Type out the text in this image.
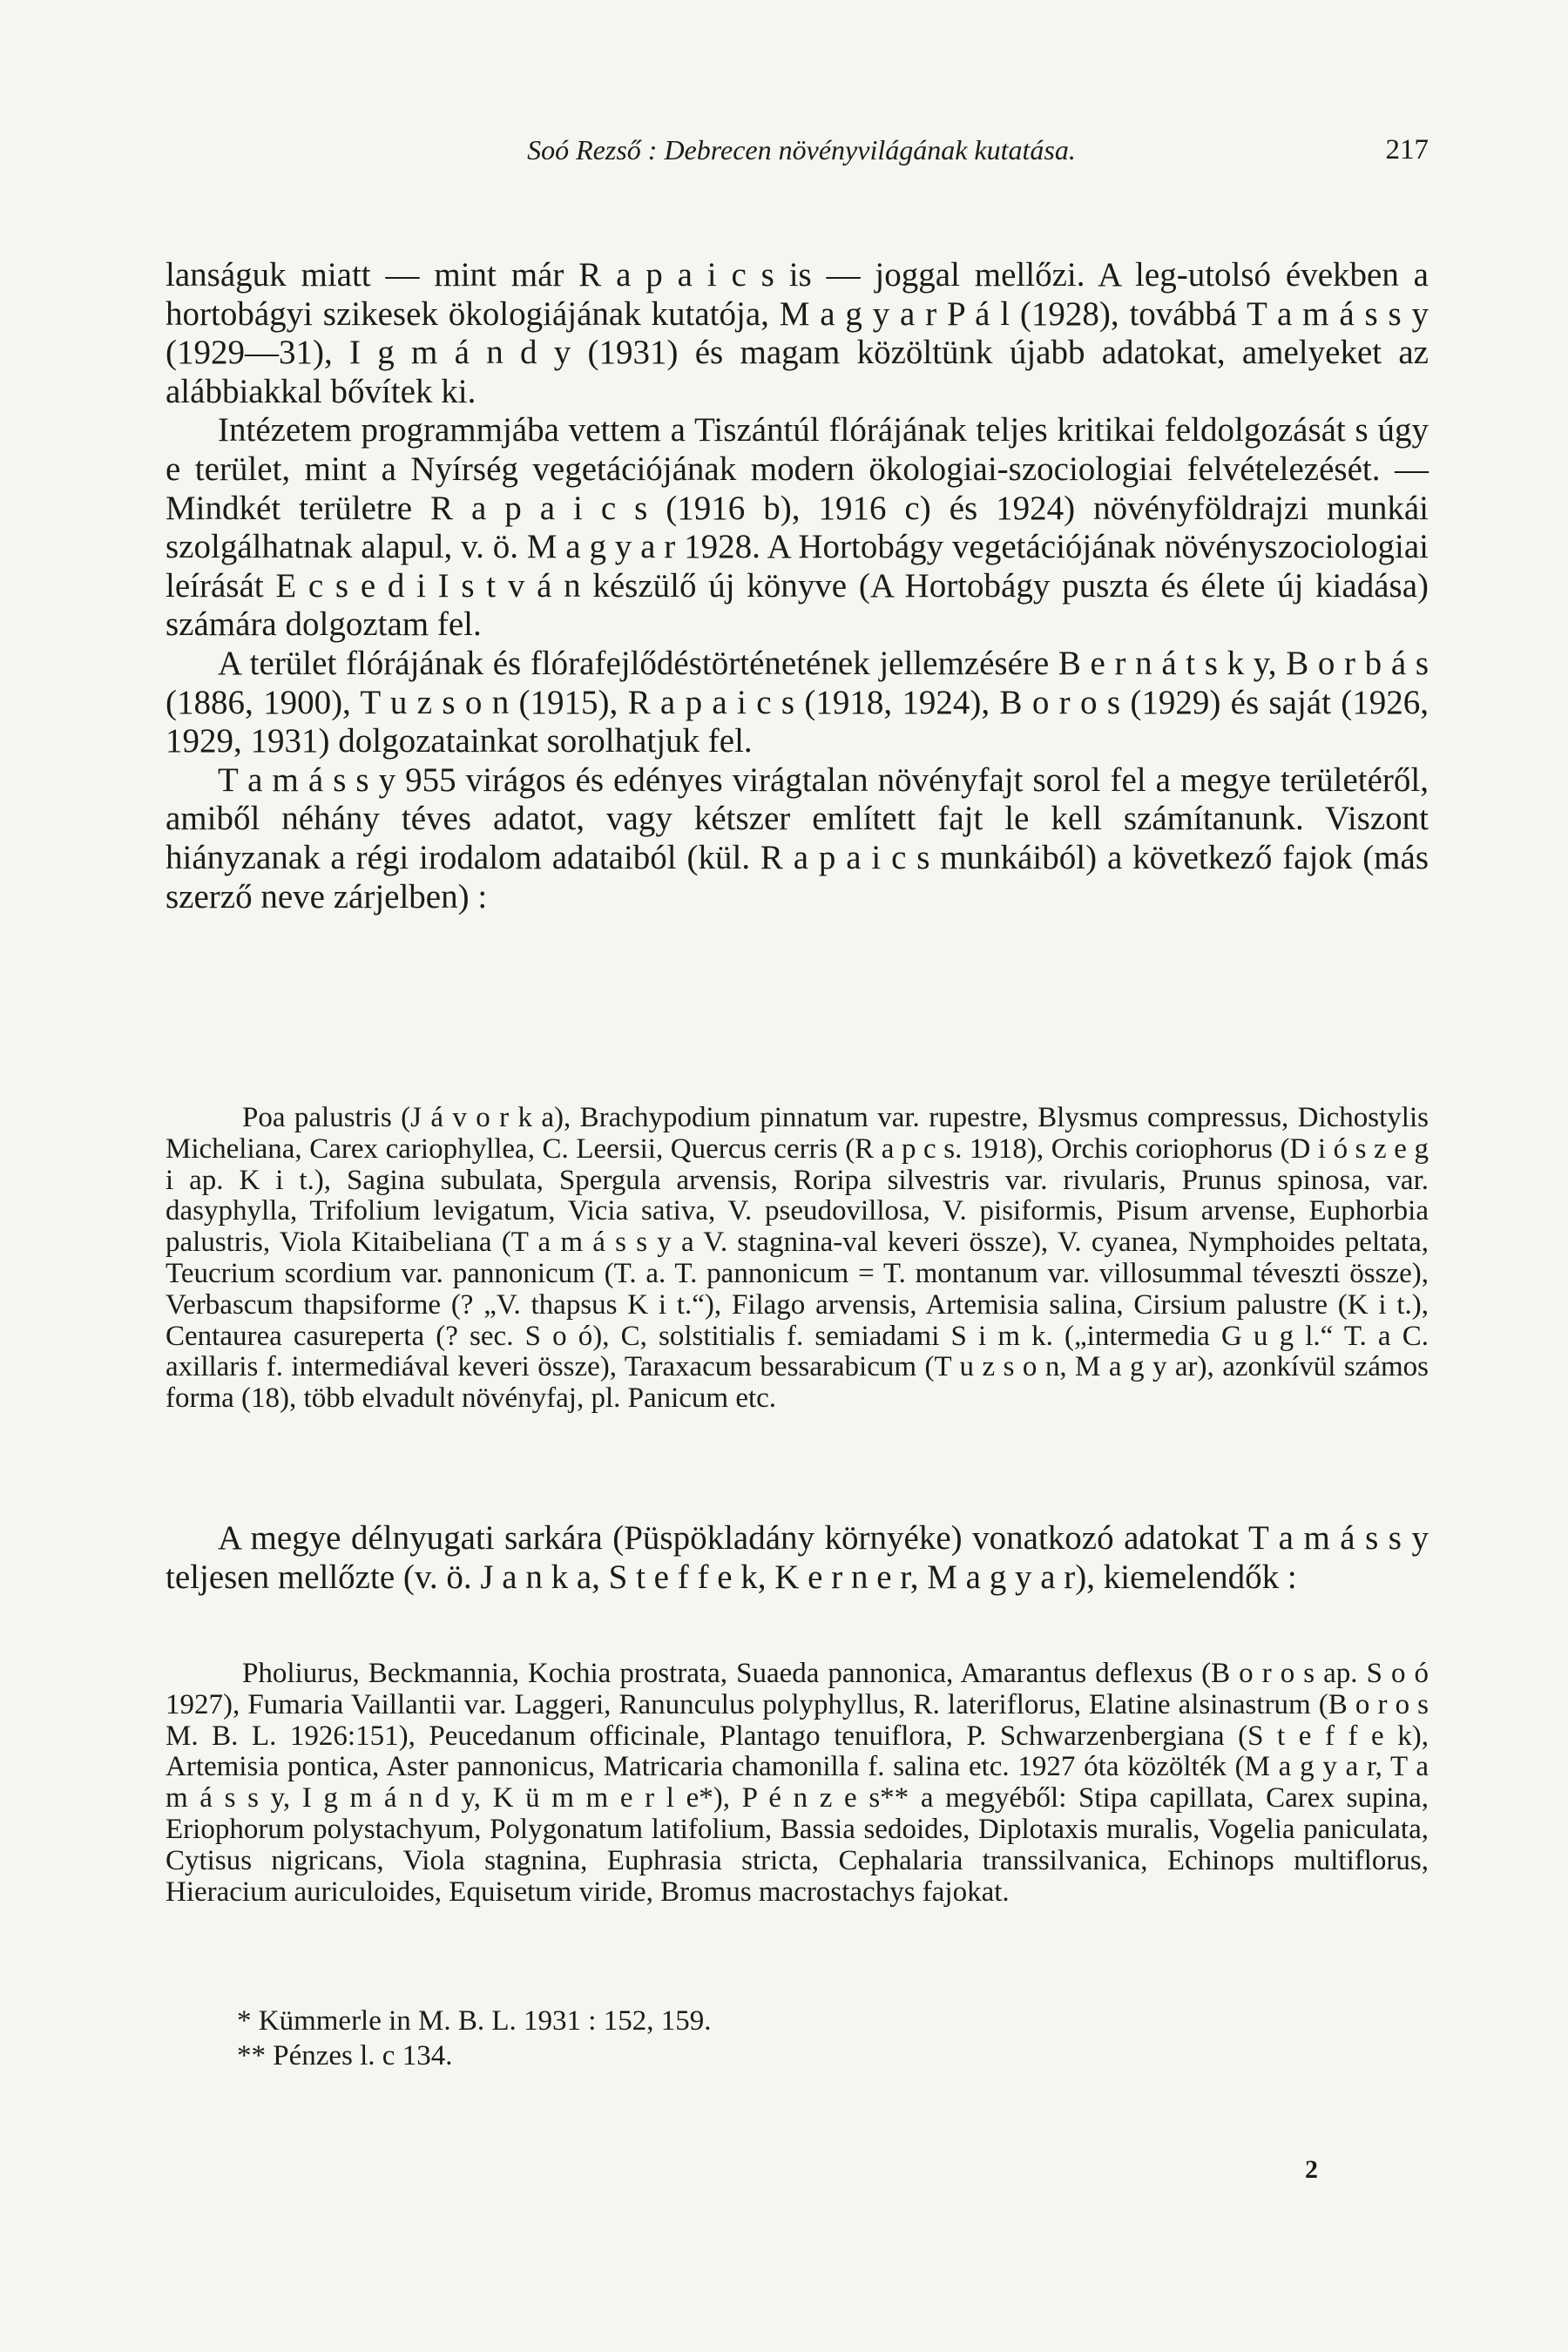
Soó Rezső : Debrecen növényvilágának kutatása.	217

lanságuk miatt — mint már R a p a i c s is — joggal mellőzi. A leg-utolsó években a hortobágyi szikesek ökologiájának kutatója, M a g y a r P á l (1928), továbbá T a m á s s y (1929—31), I g m á n d y (1931) és magam közöltünk újabb adatokat, amelyeket az alábbiakkal bővítek ki.

Intézetem programmjába vettem a Tiszántúl flórájának teljes kritikai feldolgozását s úgy e terület, mint a Nyírség vegetációjának modern ökologiai-szociologiai felvételezését. — Mindkét területre R a p a i c s (1916 b), 1916 c) és 1924) növényföldrajzi munkái szolgálhatnak alapul, v. ö. M a g y a r 1928. A Hortobágy vegetációjának növényszociologiai leírását E c s e d i I s t v á n készülő új könyve (A Hortobágy puszta és élete új kiadása) számára dolgoztam fel.

A terület flórájának és flórafejlődéstörténetének jellemzésére B e r n á t s k y, B o r b á s (1886, 1900), T u z s o n (1915), R a p a i c s (1918, 1924), B o r o s (1929) és saját (1926, 1929, 1931) dolgozatainkat sorolhatjuk fel.

T a m á s s y 955 virágos és edényes virágtalan növényfajt sorol fel a megye területéről, amiből néhány téves adatot, vagy kétszer említett fajt le kell számítanunk. Viszont hiányzanak a régi irodalom adataiból (kül. R a p a i c s munkáiból) a következő fajok (más szerző neve zárjelben) :

Poa palustris (J á v o r k a), Brachypodium pinnatum var. rupestre, Blysmus compressus, Dichostylis Micheliana, Carex cariophyllea, C. Leersii, Quercus cerris (R a p c s. 1918), Orchis coriophorus (D i ó s z e g i ap. K i t.), Sagina subulata, Spergula arvensis, Roripa silvestris var. rivularis, Prunus spinosa, var. dasyphylla, Trifolium levigatum, Vicia sativa, V. pseudovillosa, V. pisiformis, Pisum arvense, Euphorbia palustris, Viola Kitaibeliana (T a m á s s y a V. stagnina-val keveri össze), V. cyanea, Nymphoides peltata, Teucrium scordium var. pannonicum (T. a. T. pannonicum = T. montanum var. villosummal téveszti össze), Verbascum thapsiforme (? „V. thapsus K i t.“), Filago arvensis, Artemisia salina, Cirsium palustre (K i t.), Centaurea casureperta (? sec. S o ó), C, solstitialis f. semiadami S i m k. („intermedia G u g l.“ T. a C. axillaris f. intermediával keveri össze), Taraxacum bessarabicum (T u z s o n, M a g y ar), azonkívül számos forma (18), több elvadult növényfaj, pl. Panicum etc.

A megye délnyugati sarkára (Püspökladány környéke) vonatkozó adatokat T a m á s s y teljesen mellőzte (v. ö. J a n k a, S t e f f e k, K e r n e r, M a g y a r), kiemelendők :

Pholiurus, Beckmannia, Kochia prostrata, Suaeda pannonica, Amarantus deflexus (B o r o s ap. S o ó 1927), Fumaria Vaillantii var. Laggeri, Ranunculus polyphyllus, R. lateriflorus, Elatine alsinastrum (B o r o s M. B. L. 1926:151), Peucedanum officinale, Plantago tenuiflora, P. Schwarzenbergiana (S t e f f e k), Artemisia pontica, Aster pannonicus, Matricaria chamonilla f. salina etc. 1927 óta közölték (M a g y a r, T a m á s s y, I g m á n d y, K ü m m e r l e*), P é n z e s** a megyéből: Stipa capillata, Carex supina, Eriophorum polystachyum, Polygonatum latifolium, Bassia sedoides, Diplotaxis muralis, Vogelia paniculata, Cytisus nigricans, Viola stagnina, Euphrasia stricta, Cephalaria transsilvanica, Echinops multiflorus, Hieracium auriculoides, Equisetum viride, Bromus macrostachys fajokat.

* Kümmerle in M. B. L. 1931 : 152, 159.

** Pénzes l. c 134.

2
